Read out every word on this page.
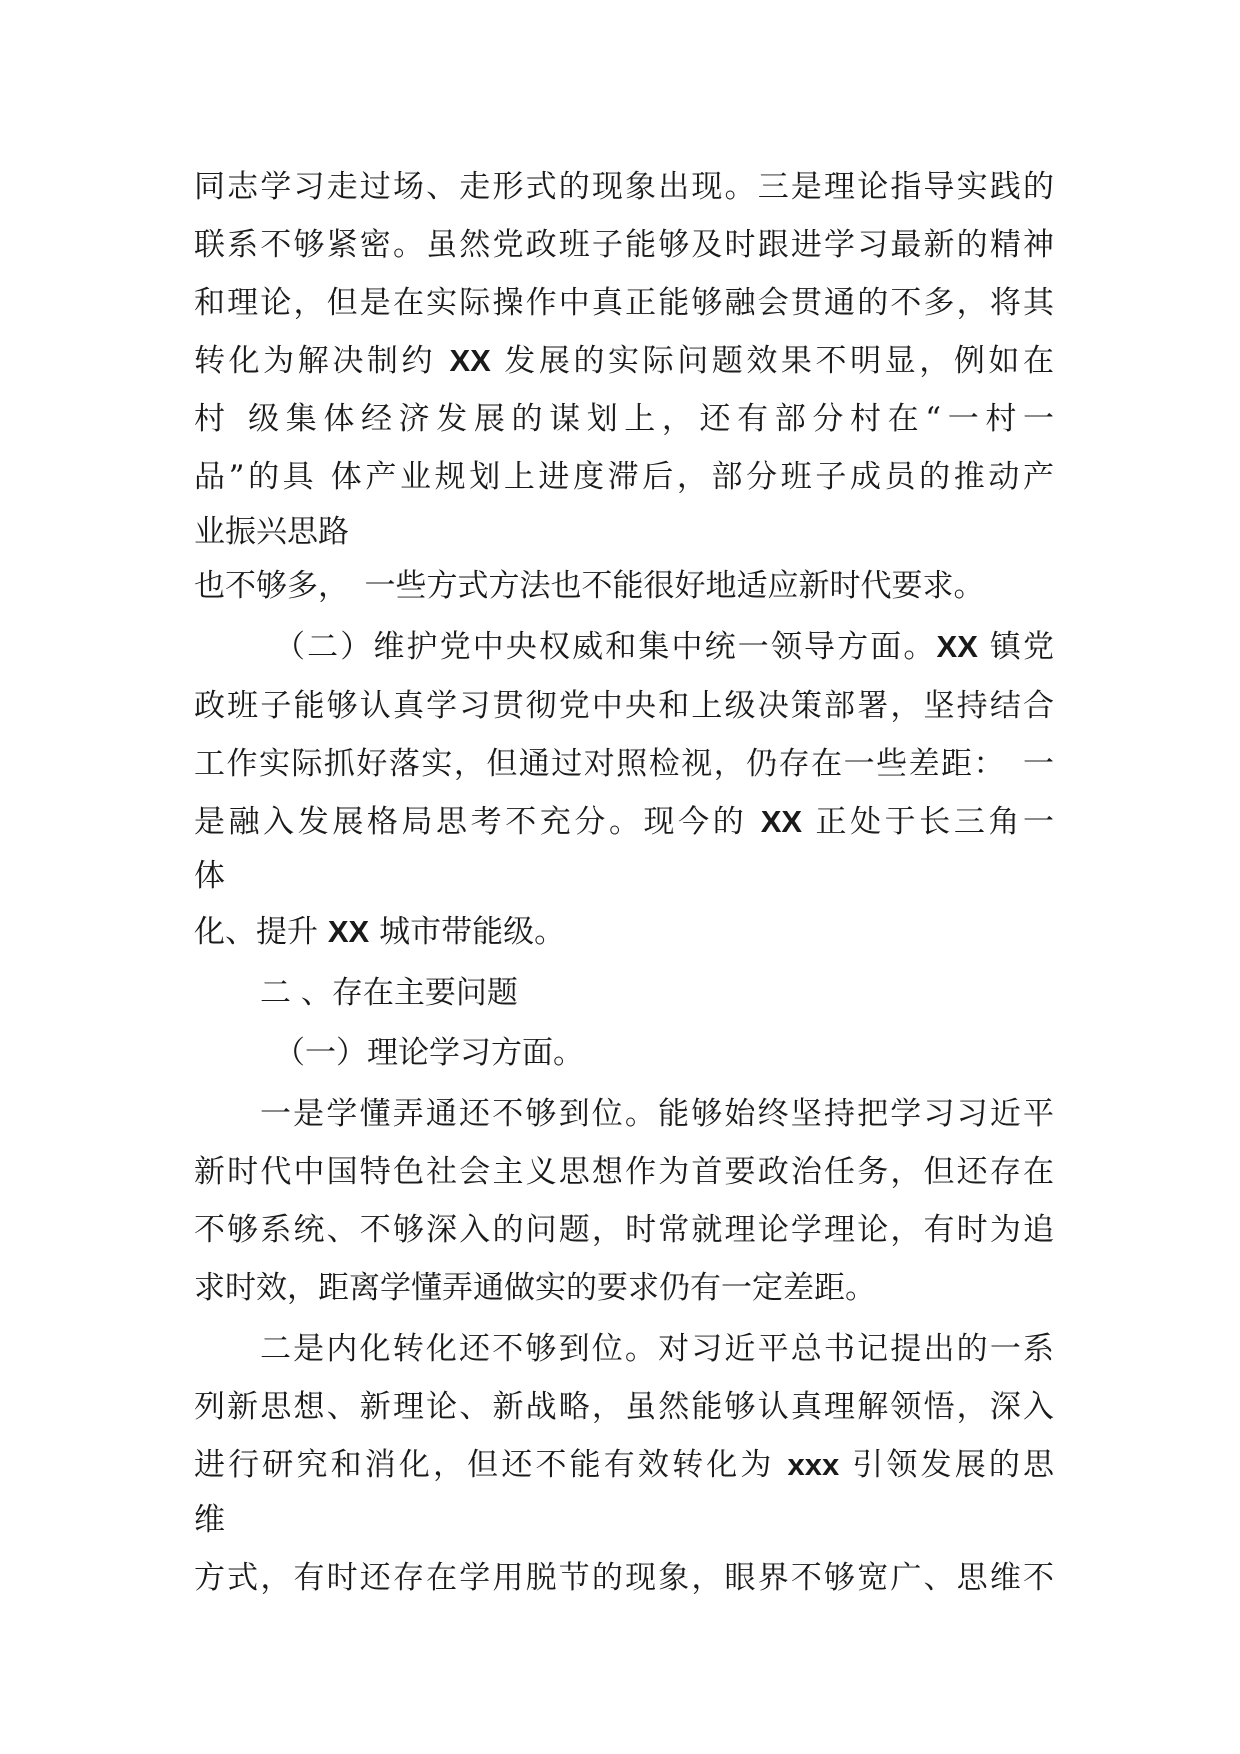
同志学习走过场、走形式的现象出现。三是理论指导实践的
联系不够紧密。虽然党政班子能够及时跟进学习最新的精神
和理论，但是在实际操作中真正能够融会贯通的不多，将其
转化为解决制约 XX 发展的实际问题效果不明显，例如在
村 级集体经济发展的谋划上，还有部分村在“一村一
品”的具 体产业规划上进度滞后，部分班子成员的推动产
业振兴思路
也不够多，　一些方式方法也不能很好地适应新时代要求。
（二）维护党中央权威和集中统一领导方面。XX 镇党
政班子能够认真学习贯彻党中央和上级决策部署，坚持结合
工作实际抓好落实，但通过对照检视，仍存在一些差距：　一
是融入发展格局思考不充分。现今的 XX 正处于长三角一
体
化、提升 XX 城市带能级。
二 、存在主要问题
（一）理论学习方面。
一是学懂弄通还不够到位。能够始终坚持把学习习近平
新时代中国特色社会主义思想作为首要政治任务，但还存在
不够系统、不够深入的问题，时常就理论学理论，有时为追
求时效，距离学懂弄通做实的要求仍有一定差距。
二是内化转化还不够到位。对习近平总书记提出的一系
列新思想、新理论、新战略，虽然能够认真理解领悟，深入
进行研究和消化，但还不能有效转化为 xxx 引领发展的思
维
方式，有时还存在学用脱节的现象，眼界不够宽广、思维不
